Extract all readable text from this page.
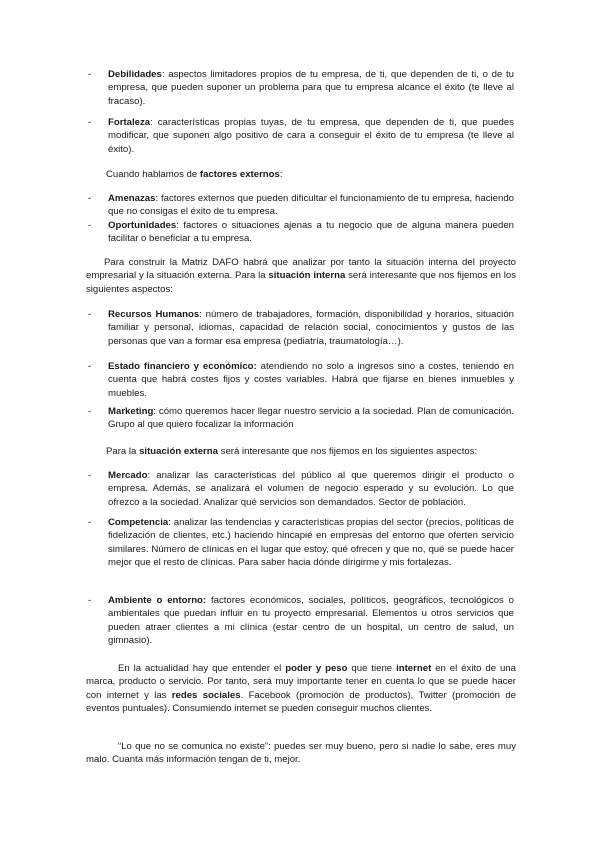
- Debilidades: aspectos limitadores propios de tu empresa, de ti, que dependen de ti, o de tu empresa, que pueden suponer un problema para que tu empresa alcance el éxito (te lleve al fracaso).

- Fortaleza: características propias tuyas, de tu empresa, que dependen de ti, que puedes modificar, que suponen algo positivo de cara a conseguir el éxito de tu empresa (te lleve al éxito).

Cuando hablamos de factores externos:

- Amenazas: factores externos que pueden dificultar el funcionamiento de tu empresa, haciendo que no consigas el éxito de tu empresa.

- Oportunidades: factores o situaciones ajenas a tu negocio que de alguna manera pueden facilitar o beneficiar a tu empresa.

Para construir la Matriz DAFO habrá que analizar por tanto la situación interna del proyecto empresarial y la situación externa. Para la situación interna será interesante que nos fijemos en los siguientes aspectos:

- Recursos Humanos: número de trabajadores, formación, disponibilidad y horarios, situación familiar y personal, idiomas, capacidad de relación social, conocimientos y gustos de las personas que van a formar esa empresa (pediatría, traumatología…).

- Estado financiero y económico: atendiendo no solo a ingresos sino a costes, teniendo en cuenta que habrá costes fijos y costes variables. Habrá que fijarse en bienes inmuebles y muebles.

- Marketing: cómo queremos hacer llegar nuestro servicio a la sociedad. Plan de comunicación. Grupo al que quiero focalizar la información

Para la situación externa será interesante que nos fijemos en los siguientes aspectos:

- Mercado: analizar las características del público al que queremos dirigir el producto o empresa. Además, se analizará el volumen de negocio esperado y su evolución. Lo que ofrezco a la sociedad. Analizar qué servicios son demandados. Sector de población.

- Competencia: analizar las tendencias y características propias del sector (precios, políticas de fidelización de clientes, etc.) haciendo hincapié en empresas del entorno que oferten servicio similares. Número de clínicas en el lugar que estoy, qué ofrecen y que no, qué se puede hacer mejor que el resto de clínicas. Para saber hacia dónde dirigirme y mis fortalezas.

- Ambiente o entorno: factores económicos, sociales, políticos, geográficos, tecnológicos o ambientales que puedan influir en tu proyecto empresarial. Elementos u otros servicios que pueden atraer clientes a mi clínica (estar centro de un hospital, un centro de salud, un gimnasio).

En la actualidad hay que entender el poder y peso que tiene internet en el éxito de una marca, producto o servicio. Por tanto, será muy importante tener en cuenta lo que se puede hacer con internet y las redes sociales. Facebook (promoción de productos), Twitter (promoción de eventos puntuales). Consumiendo internet se pueden conseguir muchos clientes.

“Lo que no se comunica no existe”: puedes ser muy bueno, pero si nadie lo sabe, eres muy malo. Cuanta más información tengan de ti, mejor.
